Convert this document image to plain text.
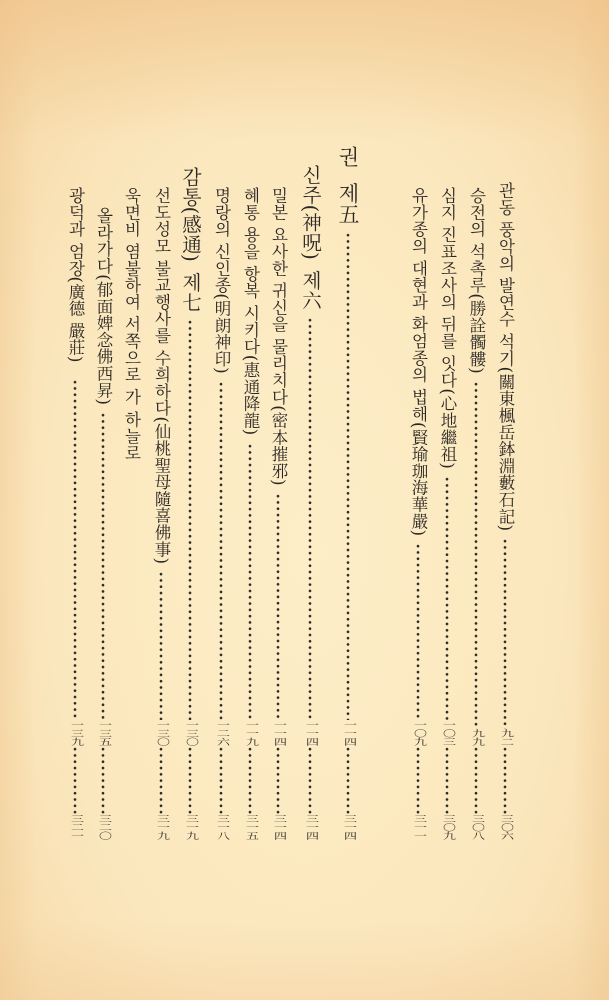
관동 풍악의 발연수 석기(關東楓岳鉢淵藪石記)
九二
三〇六
승전의 석촉루(勝詮髑髏)
九九
三〇八
심지 진표조사의 뒤를 잇다(心地繼祖)
一〇三
三〇九
유가종의 대현과 화엄종의 법해(賢瑜珈海華嚴)
一〇九
三一一
권 제五
一一四
三一四
신주(神呪) 제六
一一四
三一四
밀본 요사한 귀신을 물리치다(密本摧邪)
一一四
三一四
혜통 용을 항복 시키다(惠通降龍)
一一九
三一五
명랑의 신인종(明朗神印)
一二六
三一八
감통(感通) 제七
一三〇
三一九
선도성모 불교행사를 수희하다(仙桃聖母隨喜佛事)
一三〇
三一九
욱면비 염불하여 서쪽으로 가 하늘로
올라가다(郁面婢念佛西昇)
一三五
三二〇
광덕과 엄장(廣德 嚴莊)
一三九
三二一
